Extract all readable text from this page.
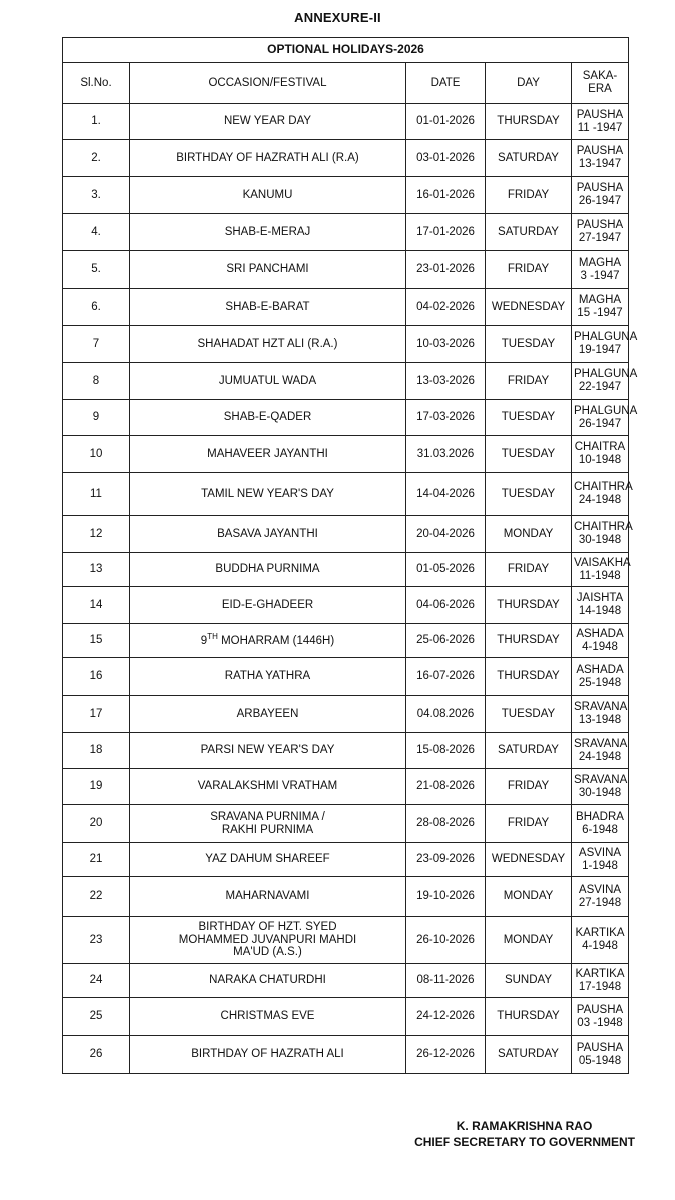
ANNEXURE-II
OPTIONAL HOLIDAYS-2026				
Sl.No.	OCCASION/FESTIVAL	DATE	DAY	SAKA-ERA
1.	NEW YEAR DAY	01-01-2026	THURSDAY	PAUSHA
11 -1947
2.	BIRTHDAY OF HAZRATH ALI (R.A)	03-01-2026	SATURDAY	PAUSHA
13-1947
3.	KANUMU	16-01-2026	FRIDAY	PAUSHA
26-1947
4.	SHAB-E-MERAJ	17-01-2026	SATURDAY	PAUSHA
27-1947
5.	SRI PANCHAMI	23-01-2026	FRIDAY	MAGHA
3 -1947
6.	SHAB-E-BARAT	04-02-2026	WEDNESDAY	MAGHA
15 -1947
7	SHAHADAT HZT ALI (R.A.)	10-03-2026	TUESDAY	PHALGUNA
19-1947
8	JUMUATUL WADA	13-03-2026	FRIDAY	PHALGUNA
22-1947
9	SHAB-E-QADER	17-03-2026	TUESDAY	PHALGUNA
26-1947
10	MAHAVEER JAYANTHI	31.03.2026	TUESDAY	CHAITRA
10-1948
11	TAMIL NEW YEAR'S DAY	14-04-2026	TUESDAY	CHAITHRA
24-1948
12	BASAVA JAYANTHI	20-04-2026	MONDAY	CHAITHRA
30-1948
13	BUDDHA PURNIMA	01-05-2026	FRIDAY	VAISAKHA
11-1948
14	EID-E-GHADEER	04-06-2026	THURSDAY	JAISHTA
14-1948
15	9TH MOHARRAM (1446H)	25-06-2026	THURSDAY	ASHADA
4-1948
16	RATHA YATHRA	16-07-2026	THURSDAY	ASHADA
25-1948
17	ARBAYEEN	04.08.2026	TUESDAY	SRAVANA
13-1948
18	PARSI NEW YEAR'S DAY	15-08-2026	SATURDAY	SRAVANA
24-1948
19	VARALAKSHMI VRATHAM	21-08-2026	FRIDAY	SRAVANA
30-1948
20	SRAVANA PURNIMA /
RAKHI PURNIMA	28-08-2026	FRIDAY	BHADRA
6-1948
21	YAZ DAHUM SHAREEF	23-09-2026	WEDNESDAY	ASVINA
1-1948
22	MAHARNAVAMI	19-10-2026	MONDAY	ASVINA
27-1948
23	BIRTHDAY OF HZT. SYED
MOHAMMED JUVANPURI MAHDI
MA'UD (A.S.)	26-10-2026	MONDAY	KARTIKA
4-1948
24	NARAKA CHATURDHI	08-11-2026	SUNDAY	KARTIKA
17-1948
25	CHRISTMAS EVE	24-12-2026	THURSDAY	PAUSHA
03 -1948
26	BIRTHDAY OF HAZRATH ALI	26-12-2026	SATURDAY	PAUSHA
05-1948
K. RAMAKRISHNA RAO
CHIEF SECRETARY TO GOVERNMENT
